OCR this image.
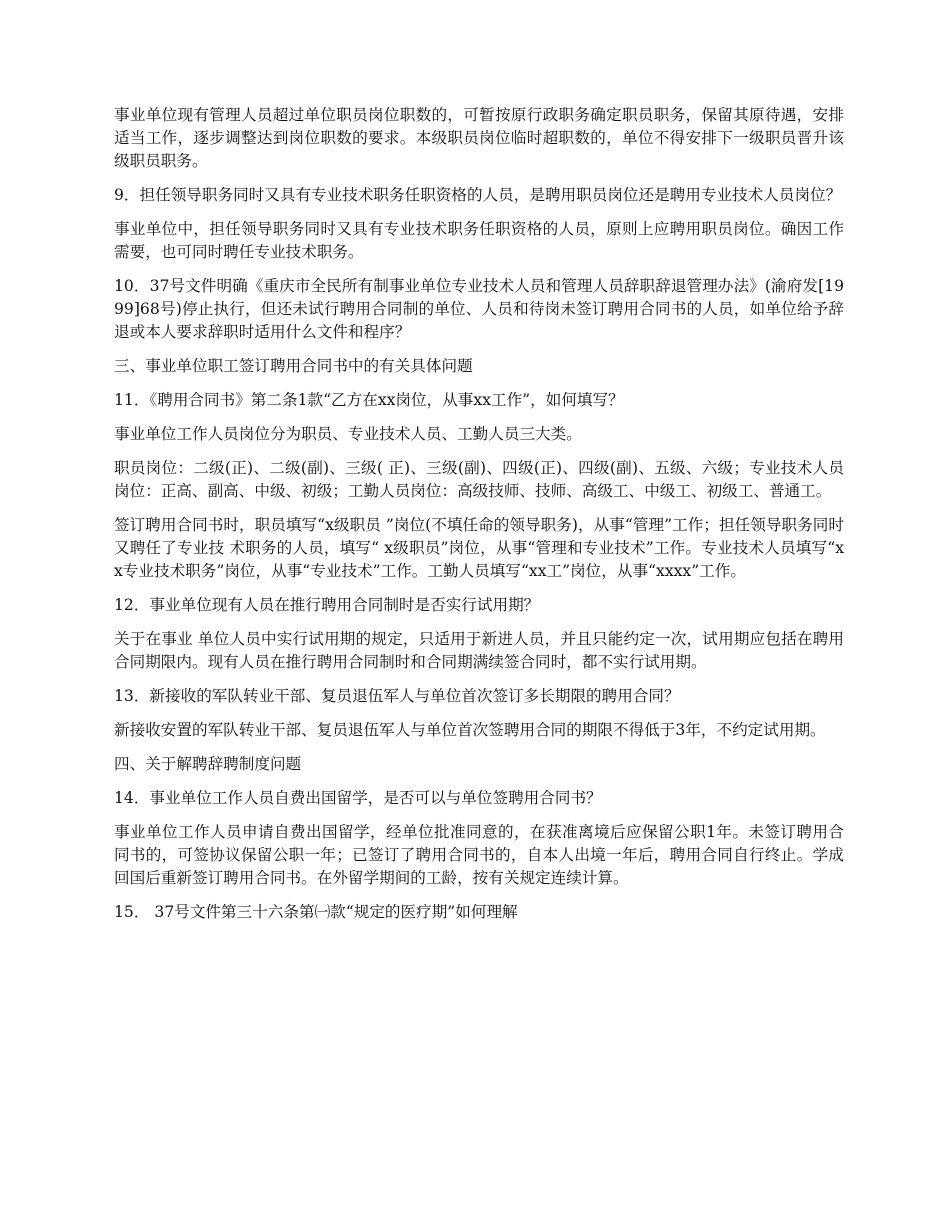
事业单位现有管理人员超过单位职员岗位职数的，可暂按原行政职务确定职员职务，保留其原待遇，安排适当工作，逐步调整达到岗位职数的要求。本级职员岗位临时超职数的，单位不得安排下一级职员晋升该级职员职务。

9．担任领导职务同时又具有专业技术职务任职资格的人员，是聘用职员岗位还是聘用专业技术人员岗位？

事业单位中，担任领导职务同时又具有专业技术职务任职资格的人员，原则上应聘用职员岗位。确因工作需要，也可同时聘任专业技术职务。

10．37号文件明确《重庆市全民所有制事业单位专业技术人员和管理人员辞职辞退管理办法》(渝府发[1999]68号)停止执行，但还未试行聘用合同制的单位、人员和待岗未签订聘用合同书的人员，如单位给予辞退或本人要求辞职时适用什么文件和程序？

三、事业单位职工签订聘用合同书中的有关具体问题

11．《聘用合同书》第二条1款“乙方在xx岗位，从事xx工作”，如何填写？

事业单位工作人员岗位分为职员、专业技术人员、工勤人员三大类。

职员岗位：二级(正)、二级(副)、三级( 正)、三级(副)、四级(正)、四级(副)、五级、六级；专业技术人员岗位：正高、副高、中级、初级；工勤人员岗位：高级技师、技师、高级工、中级工、初级工、普通工。

签订聘用合同书时，职员填写“x级职员 ”岗位(不填任命的领导职务)，从事“管理”工作；担任领导职务同时又聘任了专业技 术职务的人员，填写“ x级职员”岗位，从事“管理和专业技术”工作。专业技术人员填写“xx专业技术职务”岗位，从事“专业技术”工作。工勤人员填写“xx工”岗位，从事“xxxx”工作。

12．事业单位现有人员在推行聘用合同制时是否实行试用期？

关于在事业 单位人员中实行试用期的规定，只适用于新进人员，并且只能约定一次，试用期应包括在聘用合同期限内。现有人员在推行聘用合同制时和合同期满续签合同时，都不实行试用期。

13．新接收的军队转业干部、复员退伍军人与单位首次签订多长期限的聘用合同？

新接收安置的军队转业干部、复员退伍军人与单位首次签聘用合同的期限不得低于3年，不约定试用期。

四、关于解聘辞聘制度问题

14．事业单位工作人员自费出国留学，是否可以与单位签聘用合同书？

事业单位工作人员申请自费出国留学，经单位批准同意的，在获准离境后应保留公职1年。未签订聘用合 同书的，可签协议保留公职一年；已签订了聘用合同书的，自本人出境一年后，聘用合同自行终止。学成回国后重新签订聘用合同书。在外留学期间的工龄，按有关规定连续计算。

15． 37号文件第三十六条第㈠款“规定的医疗期”如何理解
